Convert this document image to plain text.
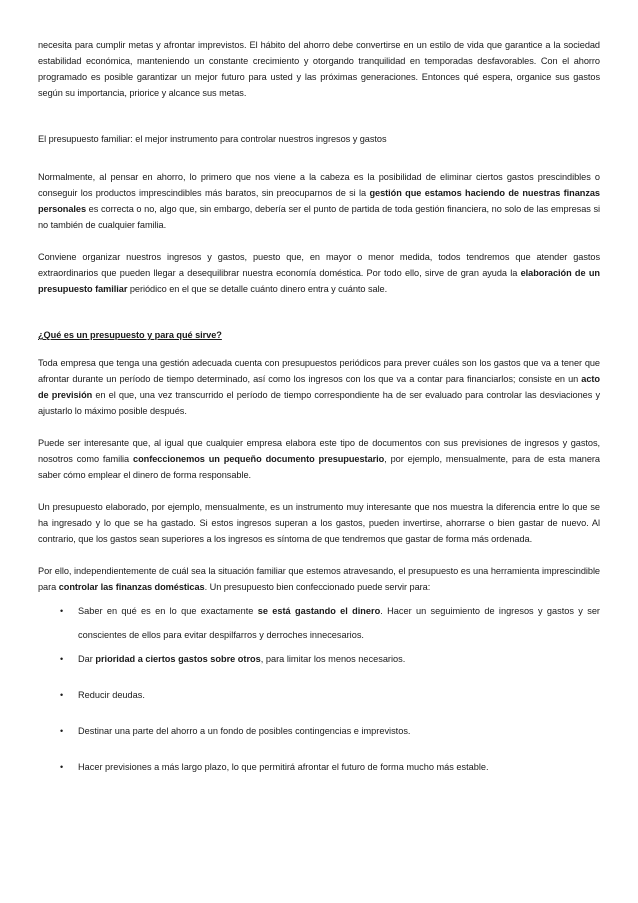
necesita para cumplir metas y afrontar imprevistos. El hábito del ahorro debe convertirse en un estilo de vida que garantice a la sociedad estabilidad económica, manteniendo un constante crecimiento y otorgando tranquilidad en temporadas desfavorables. Con el ahorro programado es posible garantizar un mejor futuro para usted y las próximas generaciones. Entonces qué espera, organice sus gastos según su importancia, priorice y alcance sus metas.

El presupuesto familiar: el mejor instrumento para controlar nuestros ingresos y gastos

Normalmente, al pensar en ahorro, lo primero que nos viene a la cabeza es la posibilidad de eliminar ciertos gastos prescindibles o conseguir los productos imprescindibles más baratos, sin preocuparnos de si la gestión que estamos haciendo de nuestras finanzas personales es correcta o no, algo que, sin embargo, debería ser el punto de partida de toda gestión financiera, no solo de las empresas si no también de cualquier familia.

Conviene organizar nuestros ingresos y gastos, puesto que, en mayor o menor medida, todos tendremos que atender gastos extraordinarios que pueden llegar a desequilibrar nuestra economía doméstica. Por todo ello, sirve de gran ayuda la elaboración de un presupuesto familiar periódico en el que se detalle cuánto dinero entra y cuánto sale.

¿Qué es un presupuesto y para qué sirve?

Toda empresa que tenga una gestión adecuada cuenta con presupuestos periódicos para prever cuáles son los gastos que va a tener que afrontar durante un período de tiempo determinado, así como los ingresos con los que va a contar para financiarlos; consiste en un acto de previsión en el que, una vez transcurrido el período de tiempo correspondiente ha de ser evaluado para controlar las desviaciones y ajustarlo lo máximo posible después.

Puede ser interesante que, al igual que cualquier empresa elabora este tipo de documentos con sus previsiones de ingresos y gastos, nosotros como familia confeccionemos un pequeño documento presupuestario, por ejemplo, mensualmente, para de esta manera saber cómo emplear el dinero de forma responsable.

Un presupuesto elaborado, por ejemplo, mensualmente, es un instrumento muy interesante que nos muestra la diferencia entre lo que se ha ingresado y lo que se ha gastado. Si estos ingresos superan a los gastos, pueden invertirse, ahorrarse o bien gastar de nuevo. Al contrario, que los gastos sean superiores a los ingresos es síntoma de que tendremos que gastar de forma más ordenada.

Por ello, independientemente de cuál sea la situación familiar que estemos atravesando, el presupuesto es una herramienta imprescindible para controlar las finanzas domésticas. Un presupuesto bien confeccionado puede servir para:

• Saber en qué es en lo que exactamente se está gastando el dinero. Hacer un seguimiento de ingresos y gastos y ser conscientes de ellos para evitar despilfarros y derroches innecesarios.
• Dar prioridad a ciertos gastos sobre otros, para limitar los menos necesarios.
• Reducir deudas.
• Destinar una parte del ahorro a un fondo de posibles contingencias e imprevistos.
• Hacer previsiones a más largo plazo, lo que permitirá afrontar el futuro de forma mucho más estable.
